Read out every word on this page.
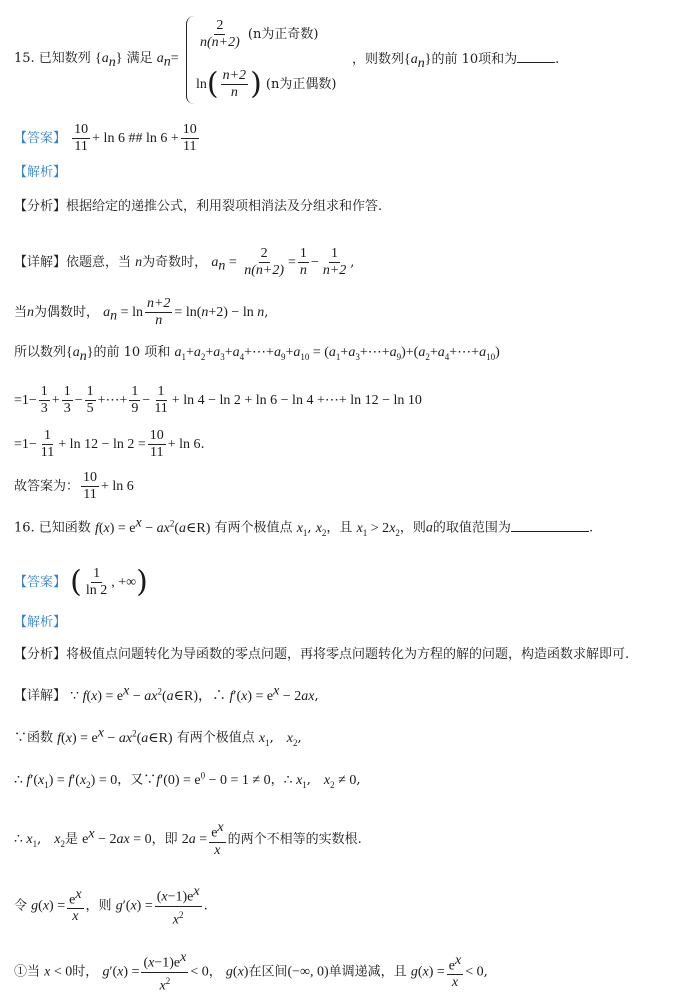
15. 已知数列 $\{a_n\}$ 满足 $a_n=$
$\frac{2}{n(n+2)} (n$为正奇数)
$\ln( \frac{n+2}{n}$ ) (n为正偶数)
，则数列$\{a_n\}$的前 10项和为	.
【答案】 $\frac{10}{11} + \ln 6$ ## $\ln 6 + \frac{10}{11}$
【解析】
【分析】根据给定的递推公式，利用裂项相消法及分组求和作答.
【详解】依题意，当 n为奇数时， $a_n = \frac{2}{n(n+2)} = \frac{1}{n} - \frac{1}{n+2}$ ,
当n为偶数时， $a_n = \ln \frac{n+2}{n} = \ln(n+2) - \ln n$,
所以数列$\{a_n\}$的前 10 项和 $a_1+a_2+a_3+a_4+\cdots+a_9+a_{10}$ = $(a_1+a_3+\cdots+a_9)+(a_2+a_4+\cdots+a_{10})$
$=1- \frac{1}{3} + \frac{1}{3} - \frac{1}{5}$ +⋯+ $\frac{1}{9} - \frac{1}{11} + \ln 4 - \ln 2 + \ln 6 - \ln 4$ +⋯+ ln 12 − ln 10
$=1- \frac{1}{11} + \ln 12 - \ln 2 = \frac{10}{11} + \ln 6$.
故答案为： $\frac{10}{11} + \ln 6$
16. 已知函数 $f(x) = e^x$ − $ax^2(a\in R)$ 有两个极值点 $x_1$, $x_2$，且 $x_1 > 2x_2$，则a的取值范围为	.
【答案】 ( $\frac{1}{\ln 2}$ , +∞)
【解析】
【分析】将极值点问题转化为导函数的零点问题，再将零点问题转化为方程的解的问题，构造函数求解即可.
【详解】 ∵ $f(x) = e^x$ − $ax^2(a\in R)$，∴ $f'(x) = e^x - 2ax$,
∵函数 $f(x) = e^x$ − $ax^2(a\in R)$ 有两个极值点 $x_1$,　$x_2$,
∴ $f'(x_1) = f'(x_2) = 0$，又∵f′(0) = $e^0 - 0 = 1 \ne 0$，∴ $x_1$,　$x_2 \ne 0$,
∴ $x_1$,　$x_2$是 $e^x - 2ax = 0$，即 $2a = \frac{e^x}{x}$ 的两个不相等的实数根.
令 $g(x) = \frac{e^x}{x}$ ，则 $g'(x) = \frac{(x-1)e^x}{x^2}$ .
①当 x < 0时， $g'(x) = \frac{(x-1)e^x}{x^2} < 0$， g(x)在区间(−∞, 0)单调递减，且 $g(x) = \frac{e^x}{x} < 0$,
